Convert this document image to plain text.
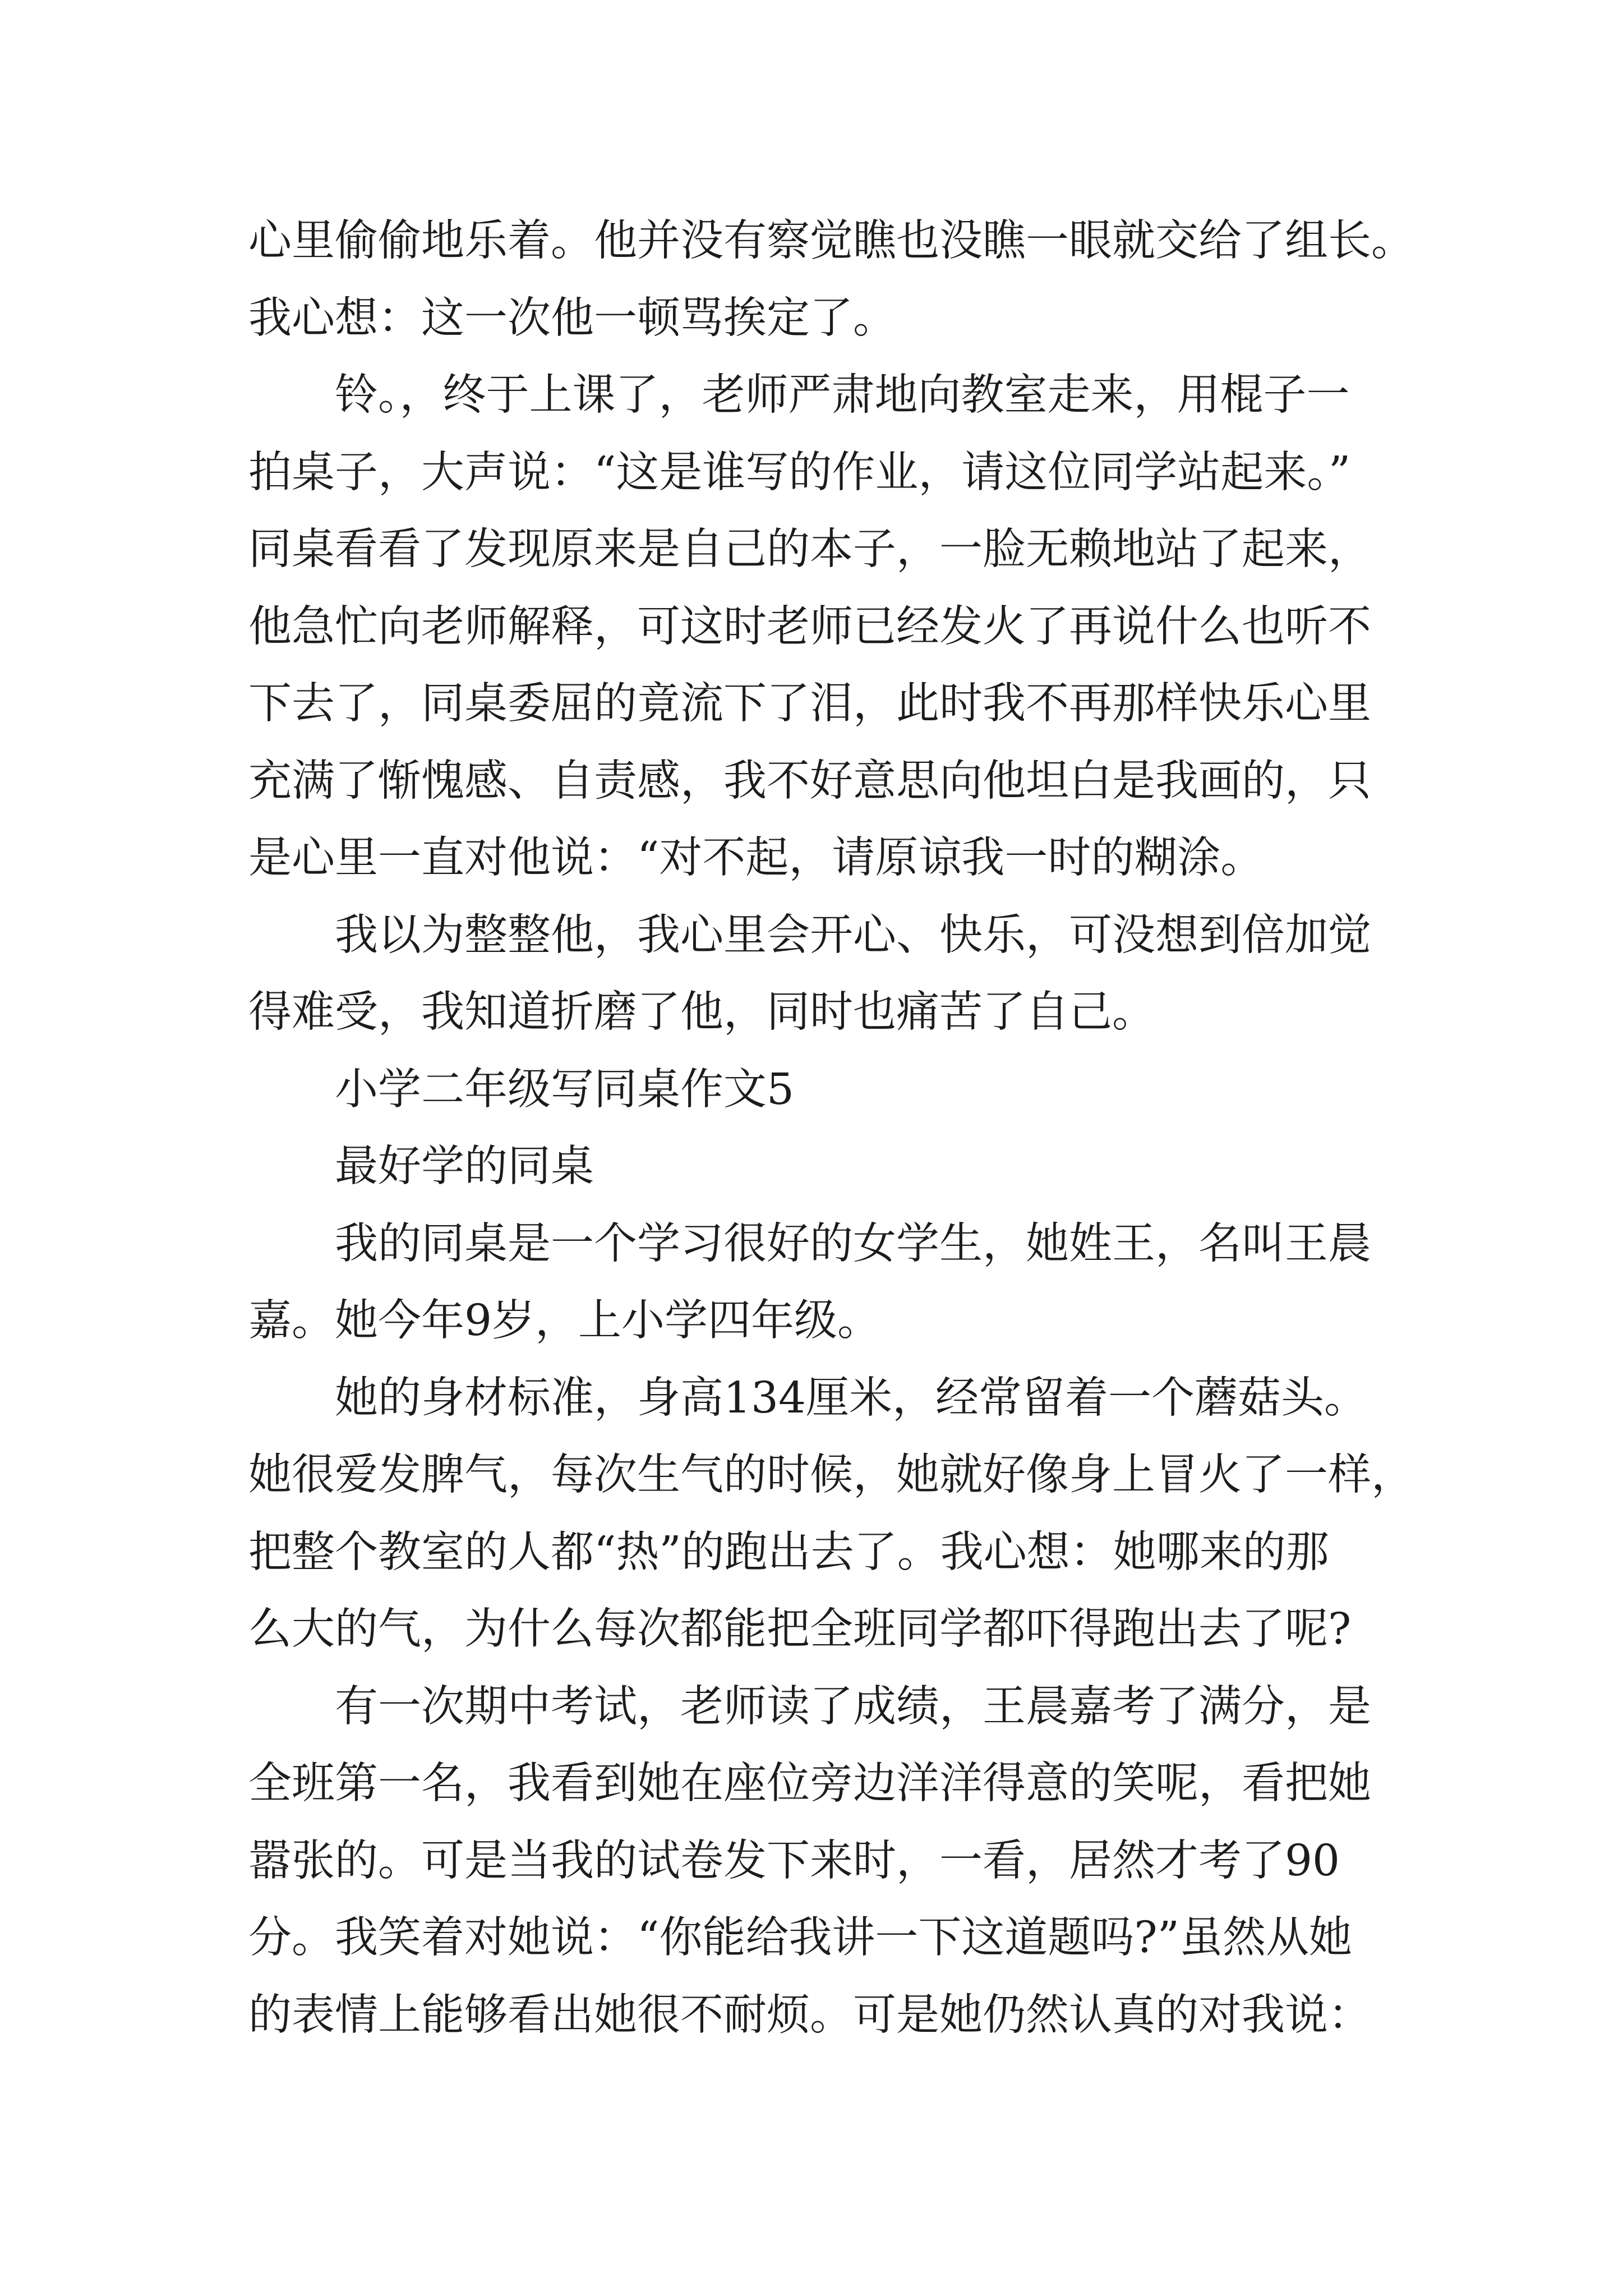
心里偷偷地乐着。他并没有察觉瞧也没瞧一眼就交给了组长。
我心想：这一次他一顿骂挨定了。
铃。，终于上课了，老师严肃地向教室走来，用棍子一
拍桌子，大声说：“这是谁写的作业，请这位同学站起来。”
同桌看看了发现原来是自己的本子，一脸无赖地站了起来，
他急忙向老师解释，可这时老师已经发火了再说什么也听不
下去了，同桌委屈的竟流下了泪，此时我不再那样快乐心里
充满了惭愧感、自责感，我不好意思向他坦白是我画的，只
是心里一直对他说：“对不起，请原谅我一时的糊涂。
我以为整整他，我心里会开心、快乐，可没想到倍加觉
得难受，我知道折磨了他，同时也痛苦了自己。
小学二年级写同桌作文5
最好学的同桌
我的同桌是一个学习很好的女学生，她姓王，名叫王晨
嘉。她今年9岁，上小学四年级。
她的身材标准，身高134厘米，经常留着一个蘑菇头。
她很爱发脾气，每次生气的时候，她就好像身上冒火了一样，
把整个教室的人都“热”的跑出去了。我心想：她哪来的那
么大的气，为什么每次都能把全班同学都吓得跑出去了呢?
有一次期中考试，老师读了成绩，王晨嘉考了满分，是
全班第一名，我看到她在座位旁边洋洋得意的笑呢，看把她
嚣张的。可是当我的试卷发下来时，一看，居然才考了90
分。我笑着对她说：“你能给我讲一下这道题吗?”虽然从她
的表情上能够看出她很不耐烦。可是她仍然认真的对我说：
